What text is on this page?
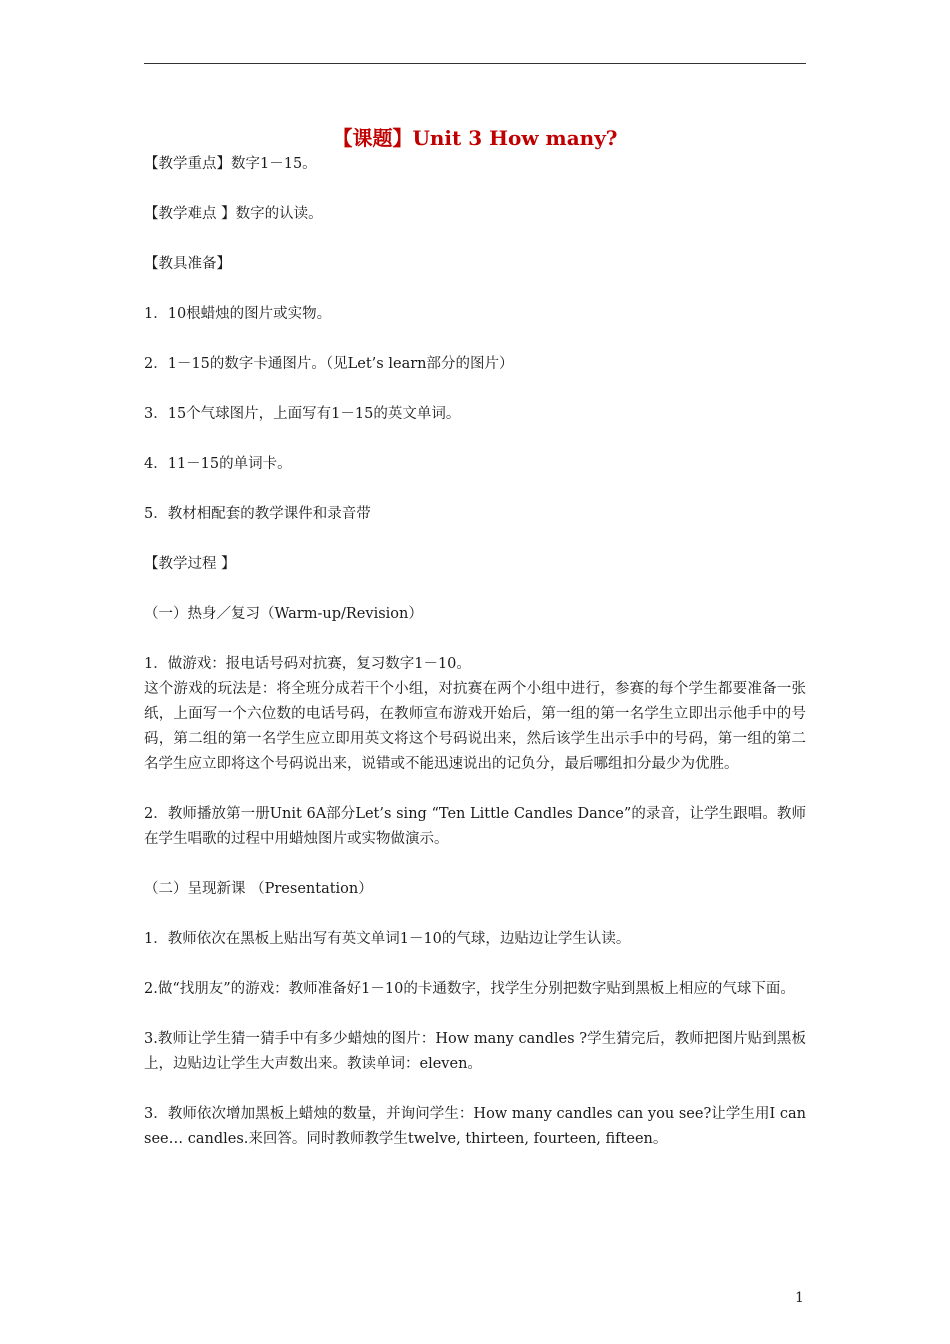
【课题】Unit 3 How many?

【教学重点】数字1－15。

【教学难点 】数字的认读。

【教具准备】

1．10根蜡烛的图片或实物。

2．1－15的数字卡通图片。（见Let’s learn部分的图片）

3．15个气球图片，上面写有1－15的英文单词。

4．11－15的单词卡。

5．教材相配套的教学课件和录音带

【教学过程 】

（一）热身／复习（Warm-up/Revision）

1．做游戏：报电话号码对抗赛，复习数字1－10。

这个游戏的玩法是：将全班分成若干个小组，对抗赛在两个小组中进行，参赛的每个学生都要准备一张纸，上面写一个六位数的电话号码，在教师宣布游戏开始后，第一组的第一名学生立即出示他手中的号码，第二组的第一名学生应立即用英文将这个号码说出来，然后该学生出示手中的号码，第一组的第二名学生应立即将这个号码说出来，说错或不能迅速说出的记负分，最后哪组扣分最少为优胜。

2．教师播放第一册Unit 6A部分Let’s sing “Ten Little Candles Dance”的录音，让学生跟唱。教师在学生唱歌的过程中用蜡烛图片或实物做演示。

（二）呈现新课 （Presentation）

1．教师依次在黑板上贴出写有英文单词1－10的气球，边贴边让学生认读。

2.做“找朋友”的游戏：教师准备好1－10的卡通数字，找学生分别把数字贴到黑板上相应的气球下面。

3.教师让学生猜一猜手中有多少蜡烛的图片：How many candles ?学生猜完后，教师把图片贴到黑板上，边贴边让学生大声数出来。教读单词：eleven。

3．教师依次增加黑板上蜡烛的数量，并询问学生：How many candles can you see?让学生用I can see… candles.来回答。同时教师教学生twelve, thirteen, fourteen, fifteen。

1
